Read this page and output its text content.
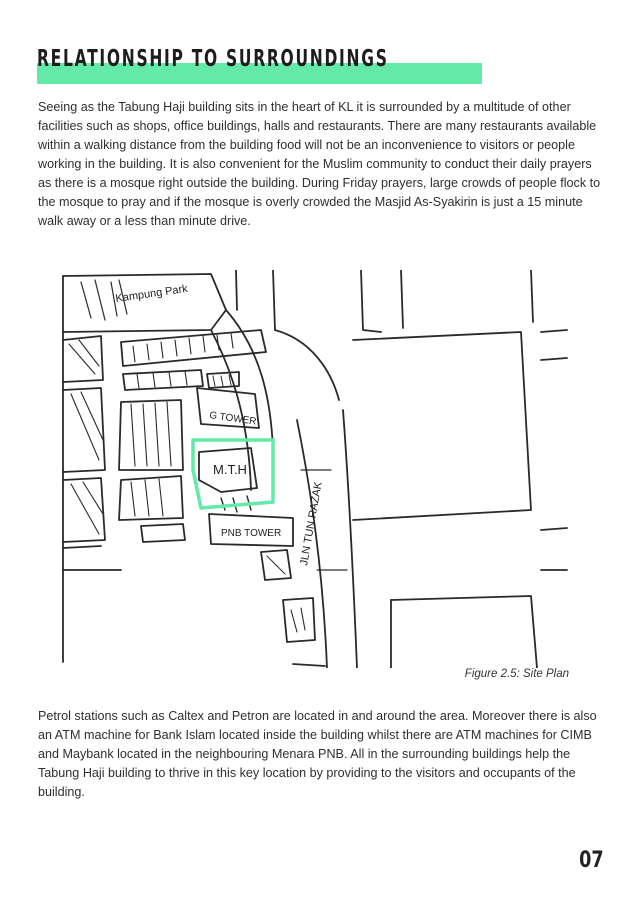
RELATIONSHIP TO SURROUNDINGS

Seeing as the Tabung Haji building sits in the heart of KL it is surrounded by a multitude of other facilities such as shops, office buildings, halls and restaurants. There are many restaurants available within a walking distance from the building food will not be an inconvenience to visitors or people working in the building. It is also convenient for the Muslim community to conduct their daily prayers as there is a mosque right outside the building. During Friday prayers, large crowds of people flock to the mosque to pray and if the mosque is overly crowded the Masjid As-Syakirin is just a 15 minute walk away or a less than minute drive.

Kampung Park
G TOWER
M.T.H
PNB TOWER JLN TUN RAZAK

Figure 2.5: Site Plan

Petrol stations such as Caltex and Petron are located in and around the area. Moreover there is also an ATM machine for Bank Islam located inside the building whilst there are ATM machines for CIMB and Maybank located in the neighbouring Menara PNB. All in the surrounding buildings help the Tabung Haji building to thrive in this key location by providing to the visitors and occupants of the building.

07
